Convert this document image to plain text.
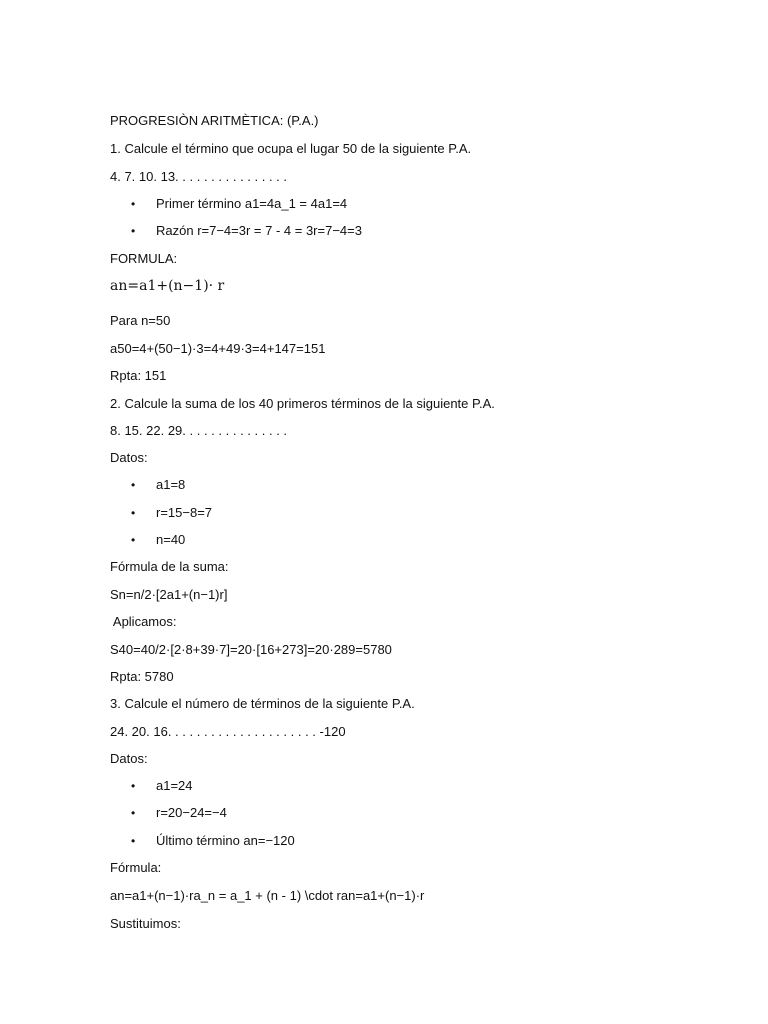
PROGRESIÒN ARITMÈTICA: (P.A.)
1. Calcule el término que ocupa el lugar 50 de la siguiente P.A.
4. 7. 10. 13. . . . . . . . . . . . . . . .
• Primer término a1=4a_1 = 4a1=4
• Razón r=7−4=3r = 7 - 4 = 3r=7−4=3
FORMULA:
an=a1+(n−1)· r
Para n=50
a50=4+(50−1)·3=4+49·3=4+147=151
Rpta: 151
2. Calcule la suma de los 40 primeros términos de la siguiente P.A.
8. 15. 22. 29. . . . . . . . . . . . . . .
Datos:
• a1=8
• r=15−8=7
• n=40
Fórmula de la suma:
Sn=n/2·[2a1+(n−1)r]
Aplicamos:
S40=40/2·[2·8+39·7]=20·[16+273]=20·289=5780
Rpta: 5780
3. Calcule el número de términos de la siguiente P.A.
24. 20. 16. . . . . . . . . . . . . . . . . . . . . -120
Datos:
• a1=24
• r=20−24=−4
• Último término an=−120
Fórmula:
an=a1+(n−1)·ra_n = a_1 + (n - 1) \cdot ran=a1+(n−1)·r
Sustituimos:
